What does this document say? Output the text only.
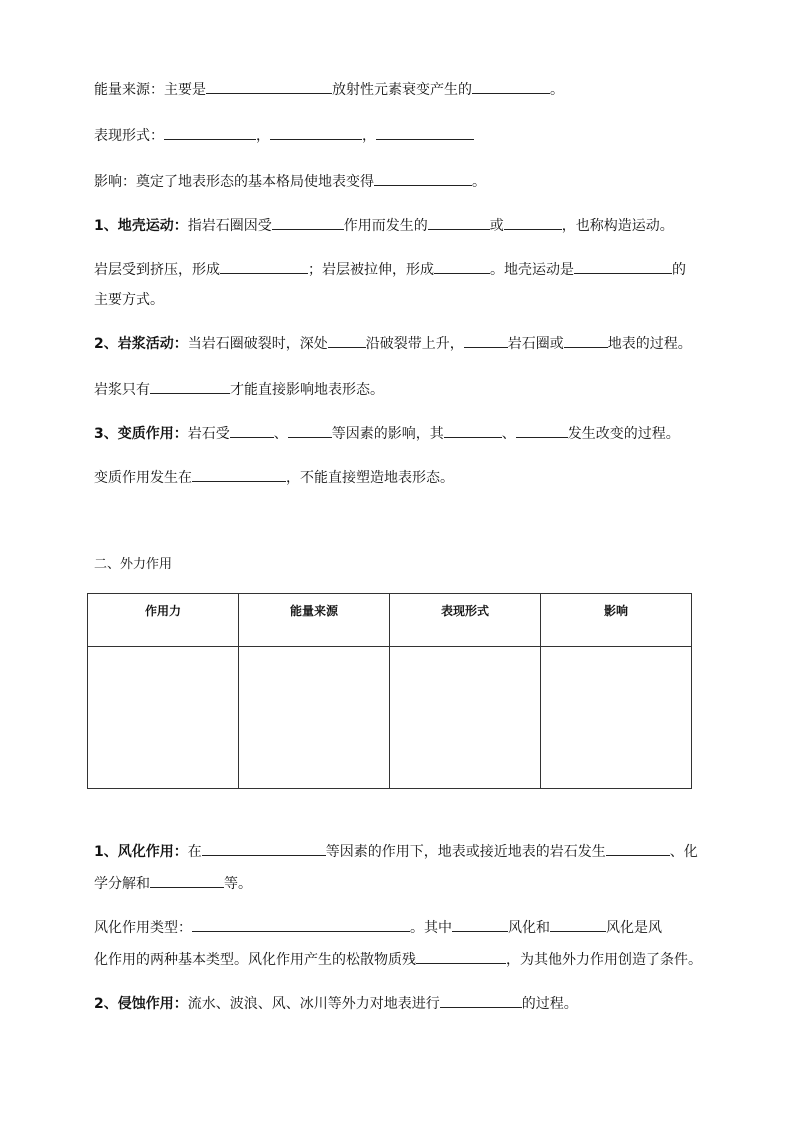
能量来源：主要是	放射性元素衰变产生的	。
表现形式：	，	，
影响：奠定了地表形态的基本格局使地表变得	。
1、地壳运动：指岩石圈因受	作用而发生的	或	，也称构造运动。
岩层受到挤压，形成	；岩层被拉伸，形成	。地壳运动是	的
主要方式。
2、岩浆活动：当岩石圈破裂时，深处	沿破裂带上升，	岩石圈或	地表的过程。
岩浆只有	才能直接影响地表形态。
3、变质作用：岩石受	、	等因素的影响，其	、	发生改变的过程。
变质作用发生在	，不能直接塑造地表形态。
二、外力作用
作用力	能量来源	表现形式	影响

1、风化作用：在	等因素的作用下，地表或接近地表的岩石发生	、化
学分解和	等。
风化作用类型：	。其中	风化和	风化是风
化作用的两种基本类型。风化作用产生的松散物质残	，为其他外力作用创造了条件。
2、侵蚀作用：流水、波浪、风、冰川等外力对地表进行	的过程。
